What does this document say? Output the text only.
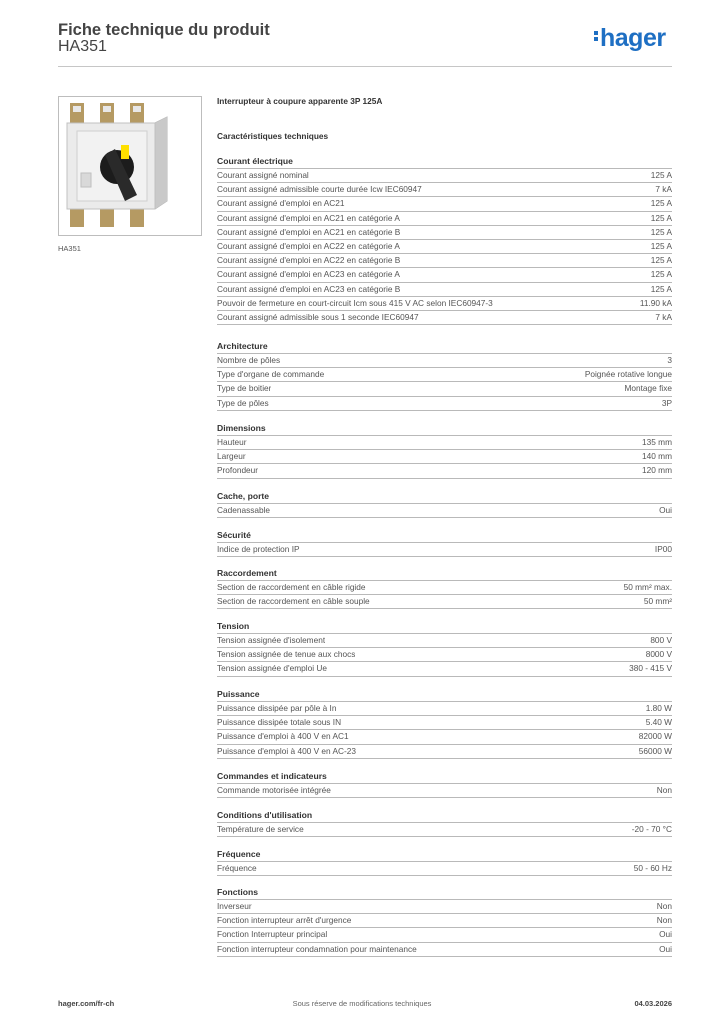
Fiche technique du produit
HA351	hager
HA351
Interrupteur à coupure apparente 3P 125A
Caractéristiques techniques
Courant électrique
Courant assigné nominal	125 A
Courant assigné admissible courte durée Icw IEC60947	7 kA
Courant assigné d'emploi en AC21	125 A
Courant assigné d'emploi en AC21 en catégorie A	125 A
Courant assigné d'emploi en AC21 en catégorie B	125 A
Courant assigné d'emploi en AC22 en catégorie A	125 A
Courant assigné d'emploi en AC22 en catégorie B	125 A
Courant assigné d'emploi en AC23 en catégorie A	125 A
Courant assigné d'emploi en AC23 en catégorie B	125 A
Pouvoir de fermeture en court-circuit Icm sous 415 V AC selon IEC60947-3	11.90 kA
Courant assigné admissible sous 1 seconde IEC60947	7 kA
Architecture
Nombre de pôles	3
Type d'organe de commande	Poignée rotative longue
Type de boitier	Montage fixe
Type de pôles	3P
Dimensions
Hauteur	135 mm
Largeur	140 mm
Profondeur	120 mm
Cache, porte
Cadenassable	Oui
Sécurité
Indice de protection IP	IP00
Raccordement
Section de raccordement en câble rigide	50 mm² max.
Section de raccordement en câble souple	50 mm²
Tension
Tension assignée d'isolement	800 V
Tension assignée de tenue aux chocs	8000 V
Tension assignée d'emploi Ue	380 - 415 V
Puissance
Puissance dissipée par pôle à In	1.80 W
Puissance dissipée totale sous IN	5.40 W
Puissance d'emploi à 400 V en AC1	82000 W
Puissance d'emploi à 400 V en AC-23	56000 W
Commandes et indicateurs
Commande motorisée intégrée	Non
Conditions d'utilisation
Température de service	-20 - 70 °C
Fréquence
Fréquence	50 - 60 Hz
Fonctions
Inverseur	Non
Fonction interrupteur arrêt d'urgence	Non
Fonction Interrupteur principal	Oui
Fonction interrupteur condamnation pour maintenance	Oui
hager.com/fr-ch	Sous réserve de modifications techniques	04.03.2026
